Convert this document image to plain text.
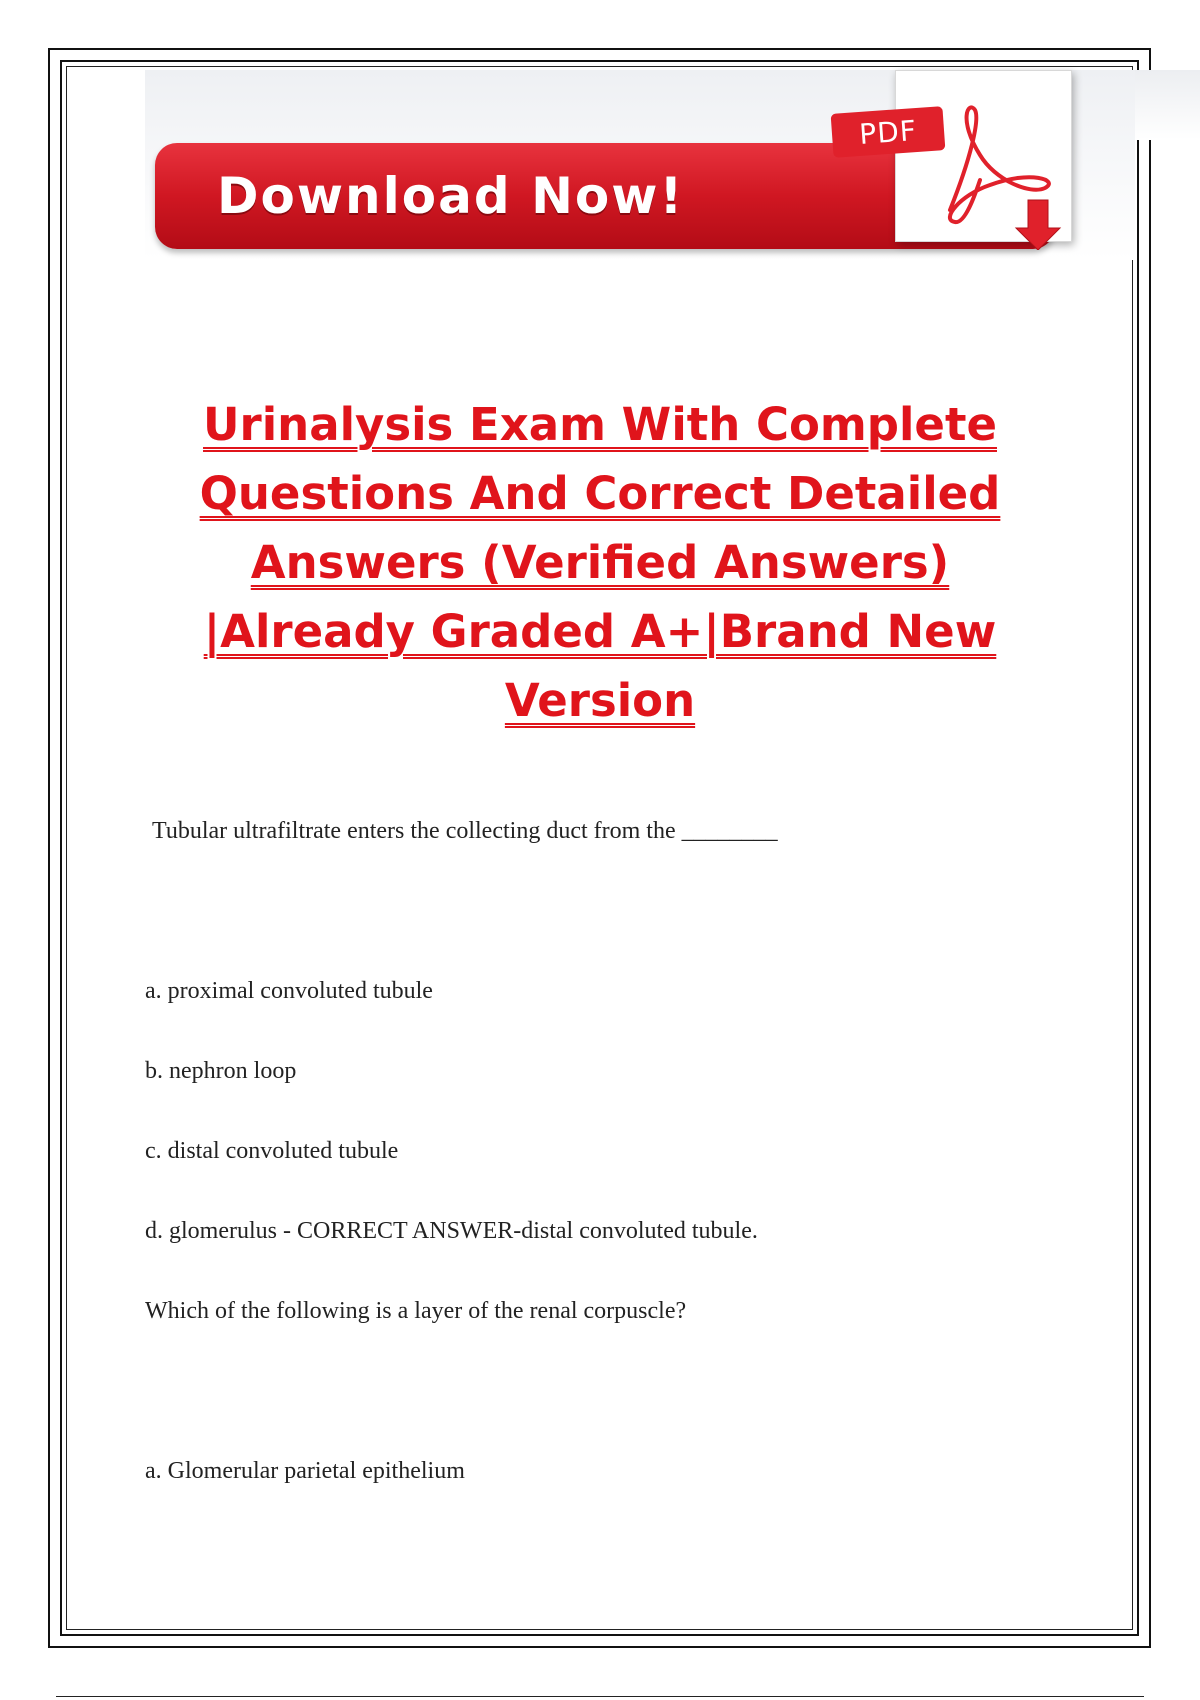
Download Now!
PDF
Urinalysis Exam With Complete
Questions And Correct Detailed
Answers (Verified Answers)
|Already Graded A+|Brand New
Version
Tubular ultrafiltrate enters the collecting duct from the ________
a. proximal convoluted tubule
b. nephron loop
c. distal convoluted tubule
d. glomerulus - CORRECT ANSWER-distal convoluted tubule.
Which of the following is a layer of the renal corpuscle?
a. Glomerular parietal epithelium
